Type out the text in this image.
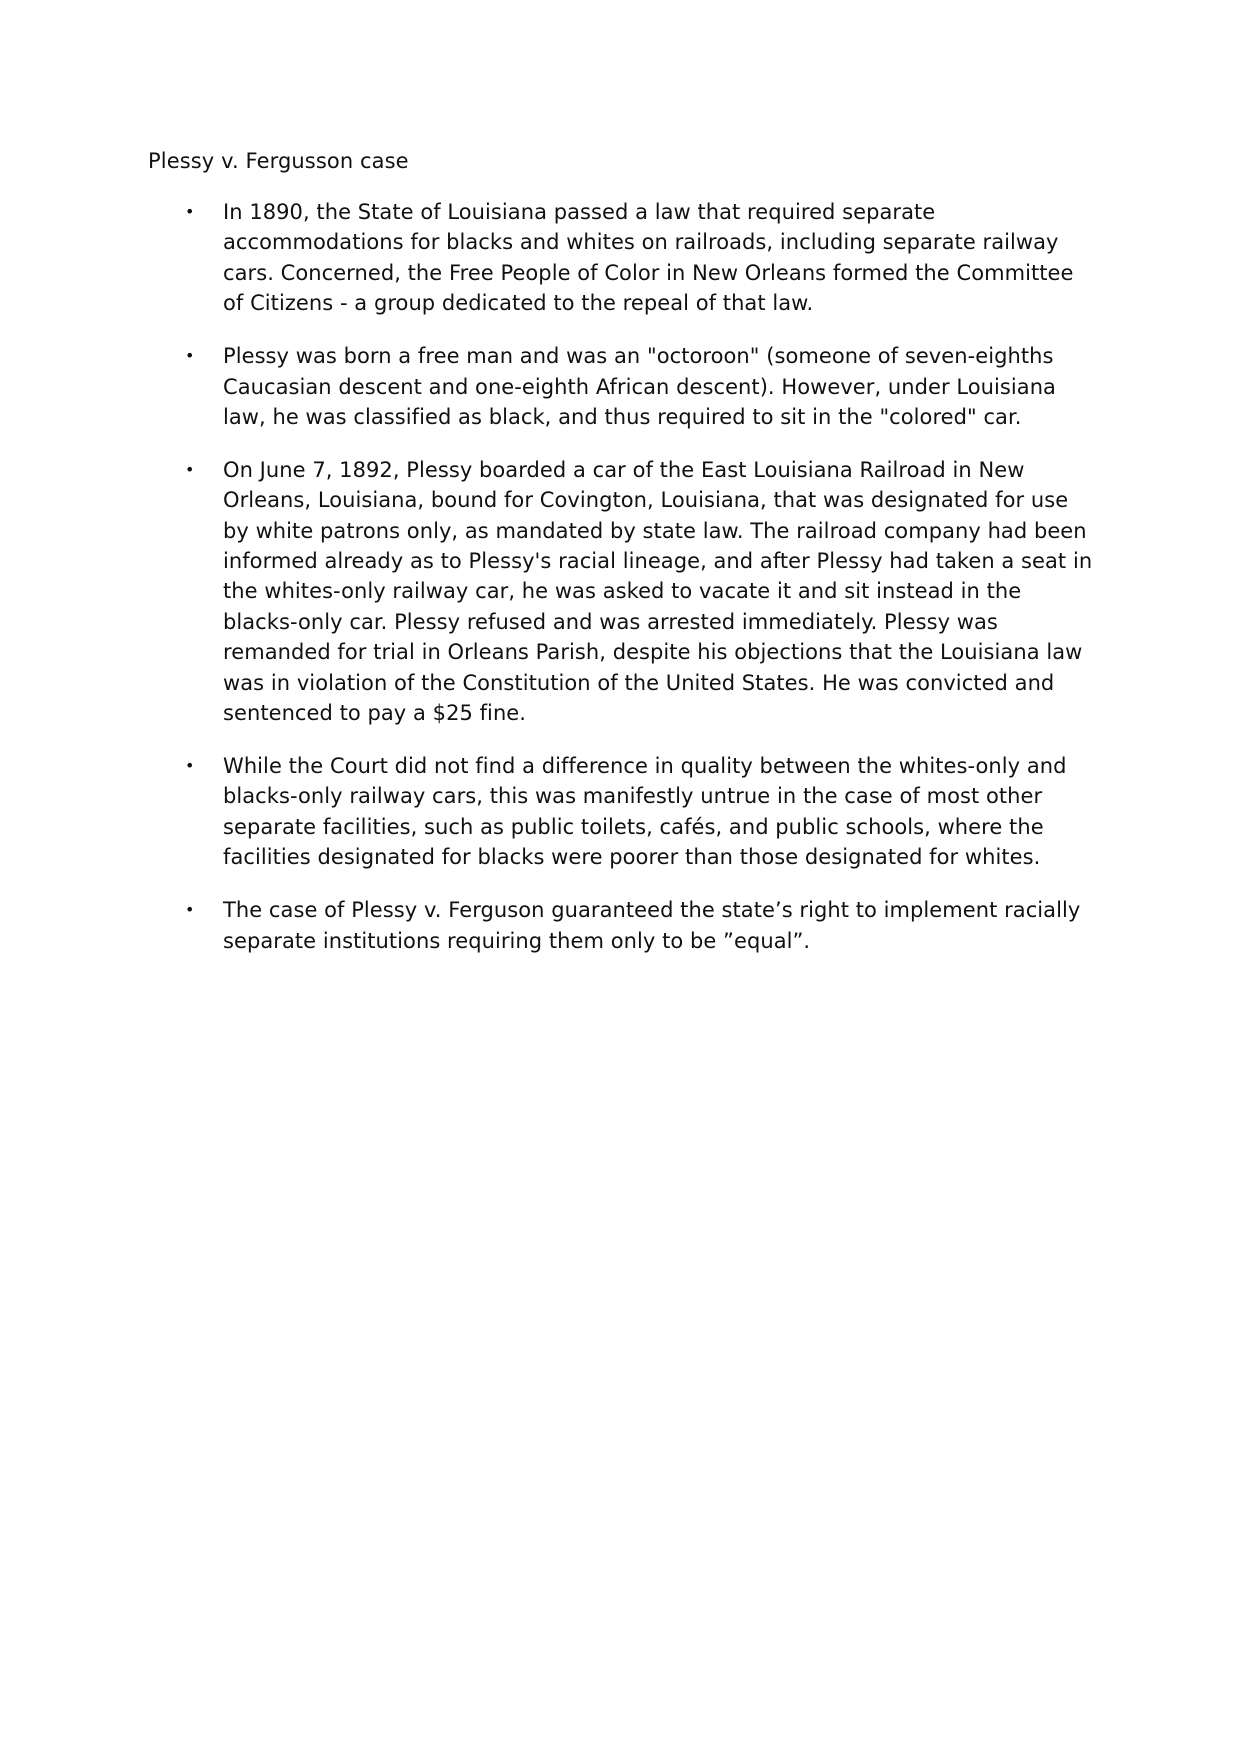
Plessy v. Fergusson case
• In 1890, the State of Louisiana passed a law that required separate accommodations for blacks and whites on railroads, including separate railway cars. Concerned, the Free People of Color in New Orleans formed the Committee of Citizens - a group dedicated to the repeal of that law.
• Plessy was born a free man and was an "octoroon" (someone of seven-eighths Caucasian descent and one-eighth African descent). However, under Louisiana law, he was classified as black, and thus required to sit in the "colored" car.
• On June 7, 1892, Plessy boarded a car of the East Louisiana Railroad in New Orleans, Louisiana, bound for Covington, Louisiana, that was designated for use by white patrons only, as mandated by state law. The railroad company had been informed already as to Plessy's racial lineage, and after Plessy had taken a seat in the whites-only railway car, he was asked to vacate it and sit instead in the blacks-only car. Plessy refused and was arrested immediately. Plessy was remanded for trial in Orleans Parish, despite his objections that the Louisiana law was in violation of the Constitution of the United States. He was convicted and sentenced to pay a $25 fine.
• While the Court did not find a difference in quality between the whites-only and blacks-only railway cars, this was manifestly untrue in the case of most other separate facilities, such as public toilets, cafés, and public schools, where the facilities designated for blacks were poorer than those designated for whites.
• The case of Plessy v. Ferguson guaranteed the state’s right to implement racially separate institutions requiring them only to be ”equal”.
